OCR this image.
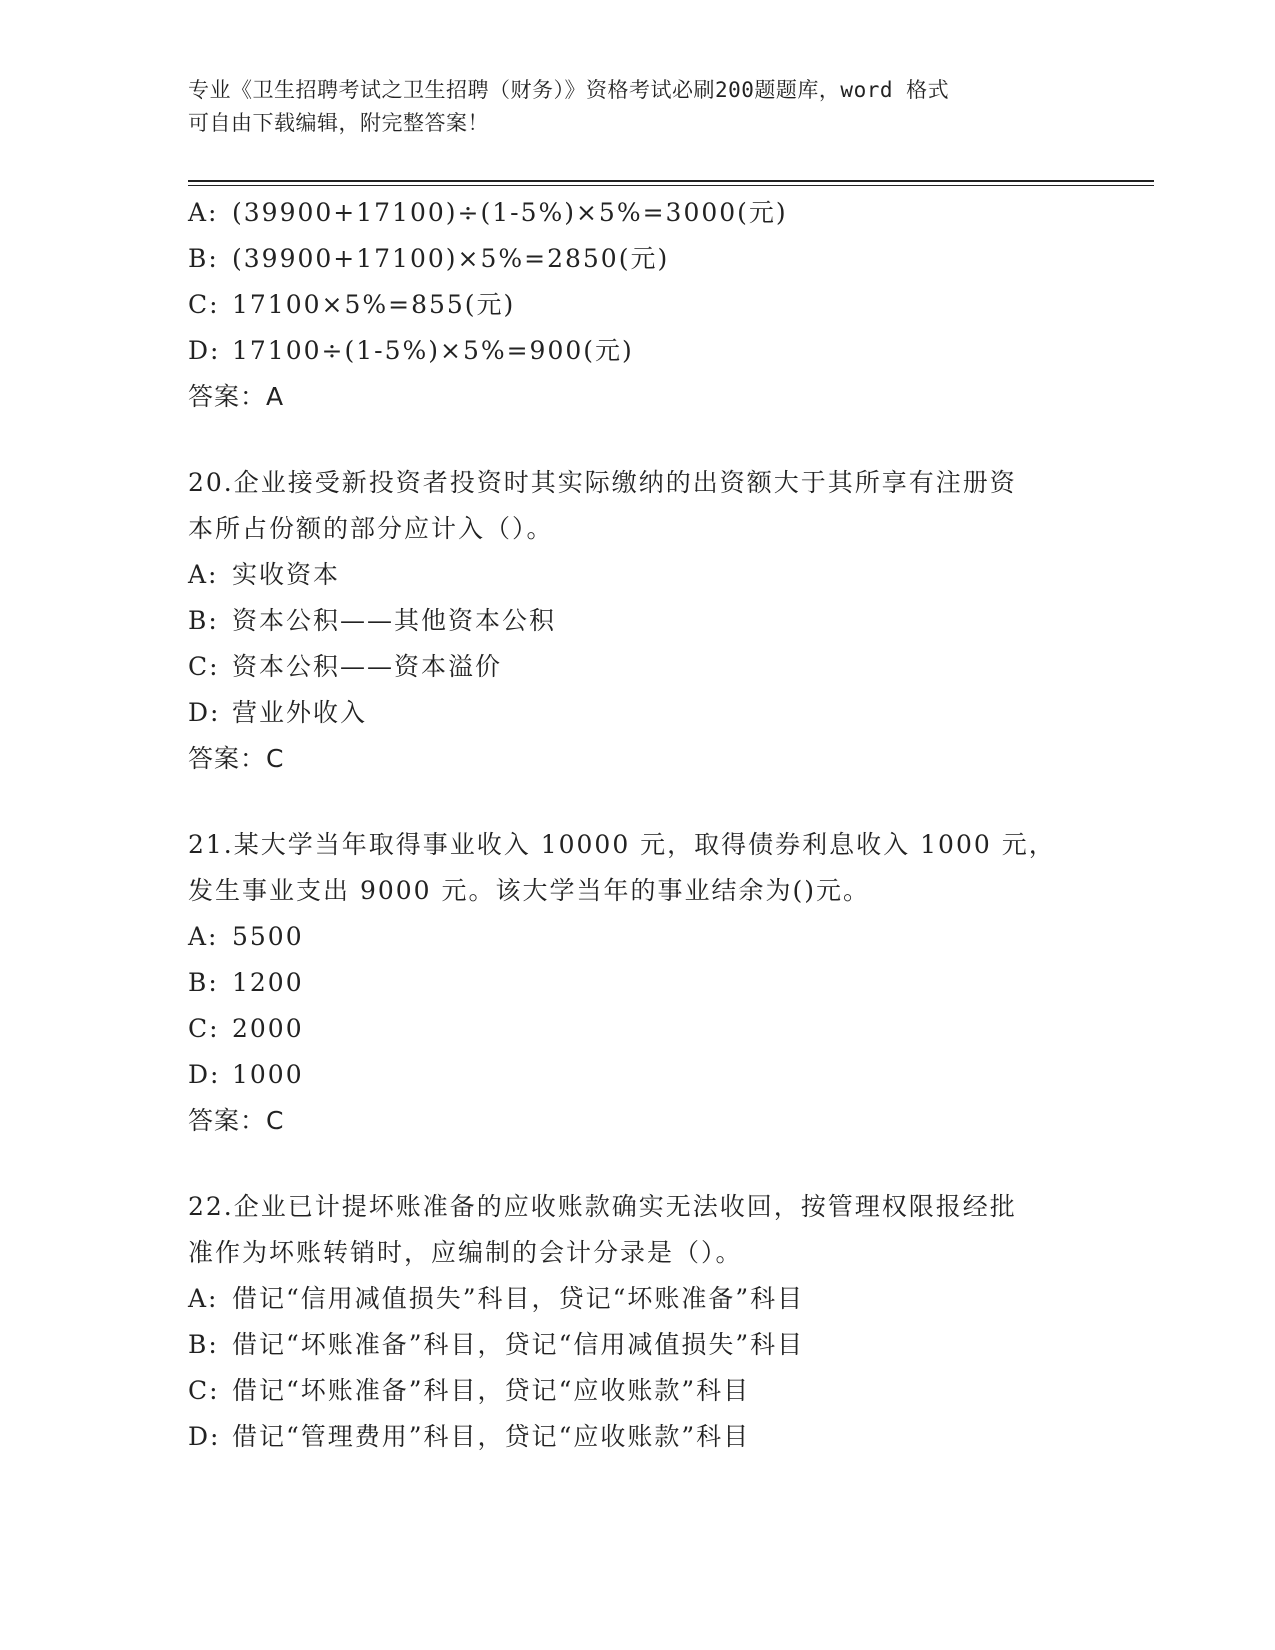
专业《卫生招聘考试之卫生招聘（财务）》资格考试必刷200题题库，word 格式
可自由下载编辑，附完整答案！
A: (39900+17100)÷(1-5%)×5%=3000(元)
B: (39900+17100)×5%=2850(元)
C: 17100×5%=855(元)
D: 17100÷(1-5%)×5%=900(元)
答案：A
20.企业接受新投资者投资时其实际缴纳的出资额大于其所享有注册资
本所占份额的部分应计入（）。
A: 实收资本
B: 资本公积——其他资本公积
C: 资本公积——资本溢价
D: 营业外收入
答案：C
21.某大学当年取得事业收入 10000 元，取得债券利息收入 1000 元，
发生事业支出 9000 元。该大学当年的事业结余为()元。
A: 5500
B: 1200
C: 2000
D: 1000
答案：C
22.企业已计提坏账准备的应收账款确实无法收回，按管理权限报经批
准作为坏账转销时，应编制的会计分录是（）。
A: 借记“信用减值损失”科目，贷记“坏账准备”科目
B: 借记“坏账准备”科目，贷记“信用减值损失”科目
C: 借记“坏账准备”科目，贷记“应收账款”科目
D: 借记“管理费用”科目，贷记“应收账款”科目
